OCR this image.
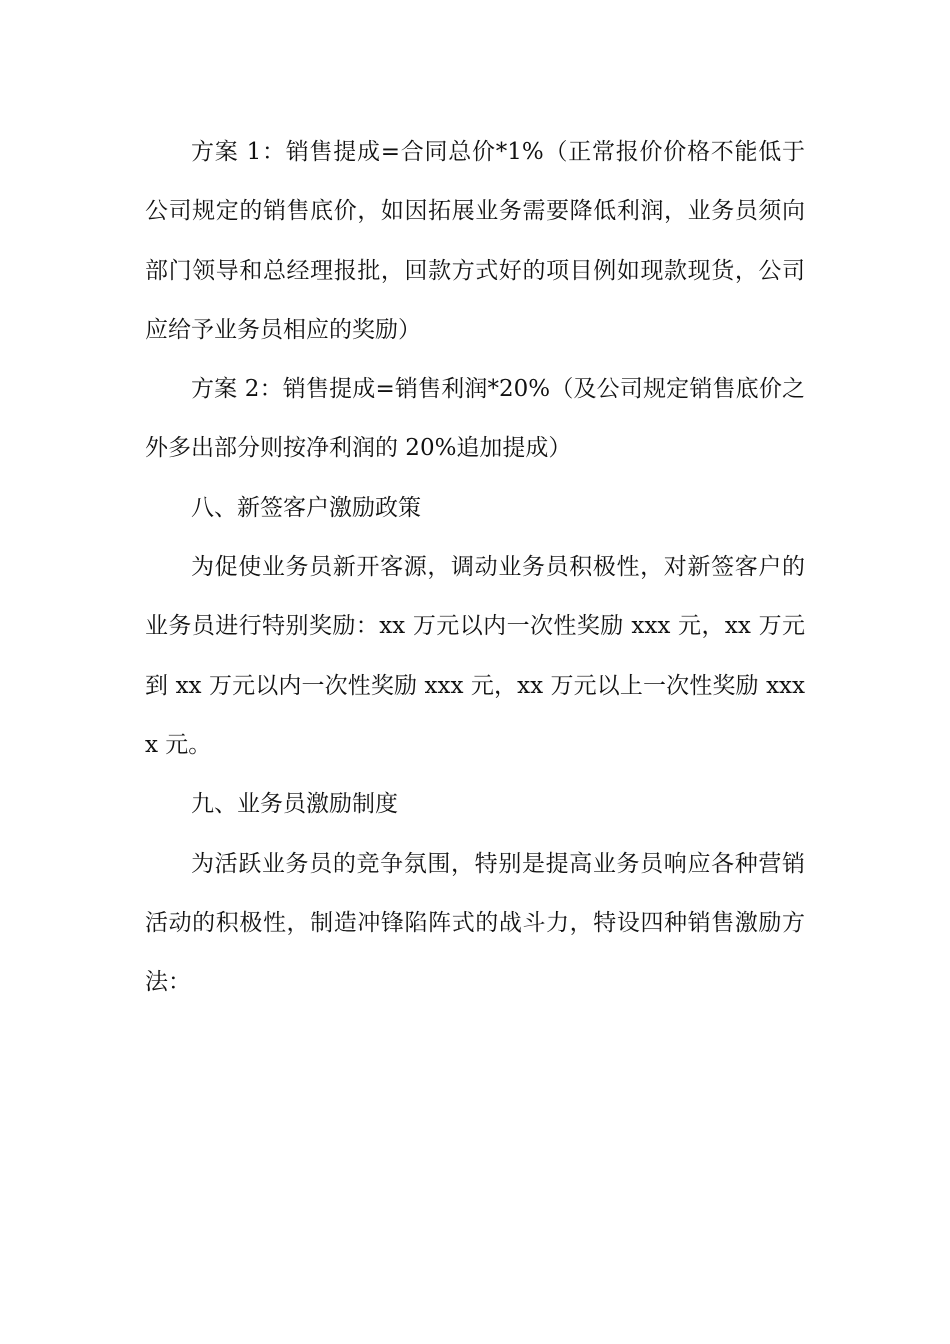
方案 1：销售提成=合同总价*1%（正常报价价格不能低于公司规定的销售底价，如因拓展业务需要降低利润，业务员须向部门领导和总经理报批，回款方式好的项目例如现款现货，公司应给予业务员相应的奖励）

方案 2：销售提成=销售利润*20%（及公司规定销售底价之外多出部分则按净利润的 20%追加提成）

八、新签客户激励政策

为促使业务员新开客源，调动业务员积极性，对新签客户的业务员进行特别奖励：xx 万元以内一次性奖励 xxx 元，xx 万元到 xx 万元以内一次性奖励 xxx 元，xx 万元以上一次性奖励 xxxx 元。

九、业务员激励制度

为活跃业务员的竞争氛围，特别是提高业务员响应各种营销活动的积极性，制造冲锋陷阵式的战斗力，特设四种销售激励方法：
